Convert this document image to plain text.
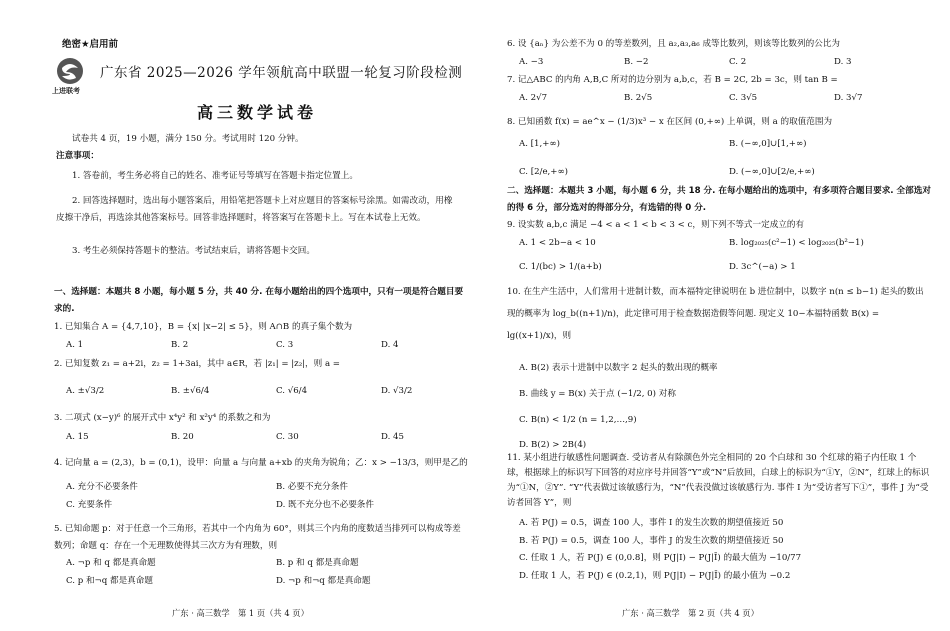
绝密★启用前
上进联考
广东省 2025—2026 学年领航高中联盟一轮复习阶段检测
高三数学试卷
试卷共 4 页，19 小题，满分 150 分。考试用时 120 分钟。
注意事项：
1. 答卷前，考生务必将自己的姓名、准考证号等填写在答题卡指定位置上。
2. 回答选择题时，选出每小题答案后，用铅笔把答题卡上对应题目的答案标号涂黑。如需改动，用橡皮擦干净后，再选涂其他答案标号。回答非选择题时，将答案写在答题卡上。写在本试卷上无效。
3. 考生必须保持答题卡的整洁。考试结束后，请将答题卡交回。
一、选择题：本题共 8 小题，每小题 5 分，共 40 分. 在每小题给出的四个选项中，只有一项是符合题目要求的.
1. 已知集合 A = {4,7,10}，B = {x| |x−2| ≤ 5}，则 A∩B 的真子集个数为
A. 1	B. 2	C. 3	D. 4
2. 已知复数 z₁ = a+2i，z₂ = 1+3ai，其中 a∈R，若 |z₁| = |z₂|，则 a =
A. ±√3/2	B. ±√6/4	C. √6/4	D. √3/2
3. 二项式 (x−y)⁶ 的展开式中 x⁴y² 和 x²y⁴ 的系数之和为
A. 15	B. 20	C. 30	D. 45
4. 记向量 a = (2,3)，b = (0,1)，设甲：向量 a 与向量 a+xb 的夹角为锐角；乙：x > −13/3，则甲是乙的
A. 充分不必要条件	B. 必要不充分条件
C. 充要条件	D. 既不充分也不必要条件
5. 已知命题 p：对于任意一个三角形，若其中一个内角为 60°，则其三个内角的度数适当排列可以构成等差数列；命题 q：存在一个无理数使得其三次方为有理数，则
A. ¬p 和 q 都是真命题	B. p 和 q 都是真命题
C. p 和¬q 都是真命题	D. ¬p 和¬q 都是真命题
广东 · 高三数学　第 1 页（共 4 页）
6. 设 {aₙ} 为公差不为 0 的等差数列，且 a₂,a₃,a₆ 成等比数列，则该等比数列的公比为
A. −3	B. −2	C. 2	D. 3
7. 记△ABC 的内角 A,B,C 所对的边分别为 a,b,c，若 B = 2C, 2b = 3c，则 tan B =
A. 2√7	B. 2√5	C. 3√5	D. 3√7
8. 已知函数 f(x) = ae^x − (1/3)x³ − x 在区间 (0,+∞) 上单调，则 a 的取值范围为
A. [1,+∞)	B. (−∞,0]∪[1,+∞)
C. [2/e,+∞)	D. (−∞,0]∪[2/e,+∞)
二、选择题：本题共 3 小题，每小题 6 分，共 18 分. 在每小题给出的选项中，有多项符合题目要求. 全部选对的得 6 分，部分选对的得部分分，有选错的得 0 分.
9. 设实数 a,b,c 满足 −4 < a < 1 < b < 3 < c，则下列不等式一定成立的有
A. 1 < 2b−a < 10	B. log₂₀₂₅(c²−1) < log₂₀₂₅(b²−1)
C. 1/(bc) > 1/(a+b)	D. 3c^(−a) > 1
10. 在生产生活中，人们常用十进制计数，而本福特定律说明在 b 进位制中，以数字 n(n ≤ b−1) 起头的数出现的概率为 log_b((n+1)/n)，此定律可用于检查数据造假等问题. 现定义 10−本福特函数 B(x) = lg((x+1)/x)，则
A. B(2) 表示十进制中以数字 2 起头的数出现的概率
B. 曲线 y = B(x) 关于点 (−1/2, 0) 对称
C. B(n) < 1/2 (n = 1,2,…,9)
D. B(2) > 2B(4)
11. 某小组进行敏感性问题调查. 受访者从有除颜色外完全相同的 20 个白球和 30 个红球的箱子内任取 1 个球，根据球上的标识写下回答的对应序号并回答“Y”或“N”后放回，白球上的标识为“①Y，②N”，红球上的标识为“①N，②Y”. “Y”代表做过该敏感行为，“N”代表没做过该敏感行为. 事件 I 为“受访者写下①”，事件 J 为“受访者回答 Y”，则
A. 若 P(J) = 0.5，调查 100 人，事件 I 的发生次数的期望值接近 50
B. 若 P(J) = 0.5，调查 100 人，事件 J 的发生次数的期望值接近 50
C. 任取 1 人，若 P(J) ∈ (0,0.8]，则 P(J|I) − P(J|Ī) 的最大值为 −10/77
D. 任取 1 人，若 P(J) ∈ (0.2,1)，则 P(J|I) − P(J|Ī) 的最小值为 −0.2
广东 · 高三数学　第 2 页（共 4 页）
